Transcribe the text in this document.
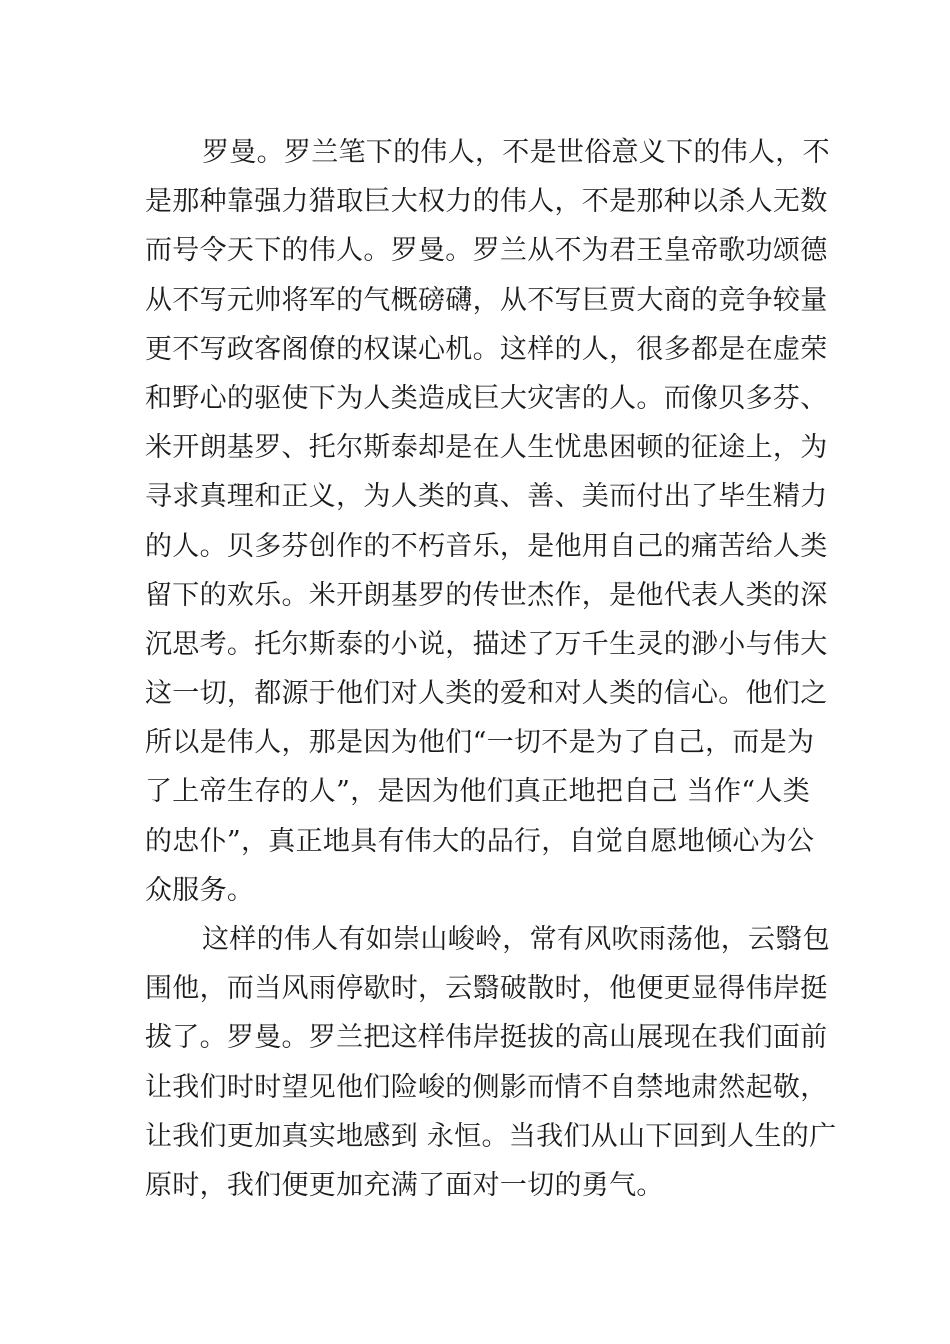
罗曼。罗兰笔下的伟人，不是世俗意义下的伟人，不
是那种靠强力猎取巨大权力的伟人，不是那种以杀人无数
而号令天下的伟人。罗曼。罗兰从不为君王皇帝歌功颂德
从不写元帅将军的气概磅礴，从不写巨贾大商的竞争较量
更不写政客阁僚的权谋心机。这样的人，很多都是在虚荣
和野心的驱使下为人类造成巨大灾害的人。而像贝多芬、
米开朗基罗、托尔斯泰却是在人生忧患困顿的征途上，为
寻求真理和正义，为人类的真、善、美而付出了毕生精力
的人。贝多芬创作的不朽音乐，是他用自己的痛苦给人类
留下的欢乐。米开朗基罗的传世杰作，是他代表人类的深
沉思考。托尔斯泰的小说，描述了万千生灵的渺小与伟大
这一切，都源于他们对人类的爱和对人类的信心。他们之
所以是伟人，那是因为他们“一切不是为了自己，而是为
了上帝生存的人”，是因为他们真正地把自己 当作“人类
的忠仆”，真正地具有伟大的品行，自觉自愿地倾心为公
众服务。
这样的伟人有如崇山峻岭，常有风吹雨荡他，云翳包
围他，而当风雨停歇时，云翳破散时，他便更显得伟岸挺
拔了。罗曼。罗兰把这样伟岸挺拔的高山展现在我们面前
让我们时时望见他们险峻的侧影而情不自禁地肃然起敬，
让我们更加真实地感到 永恒。当我们从山下回到人生的广
原时，我们便更加充满了面对一切的勇气。
